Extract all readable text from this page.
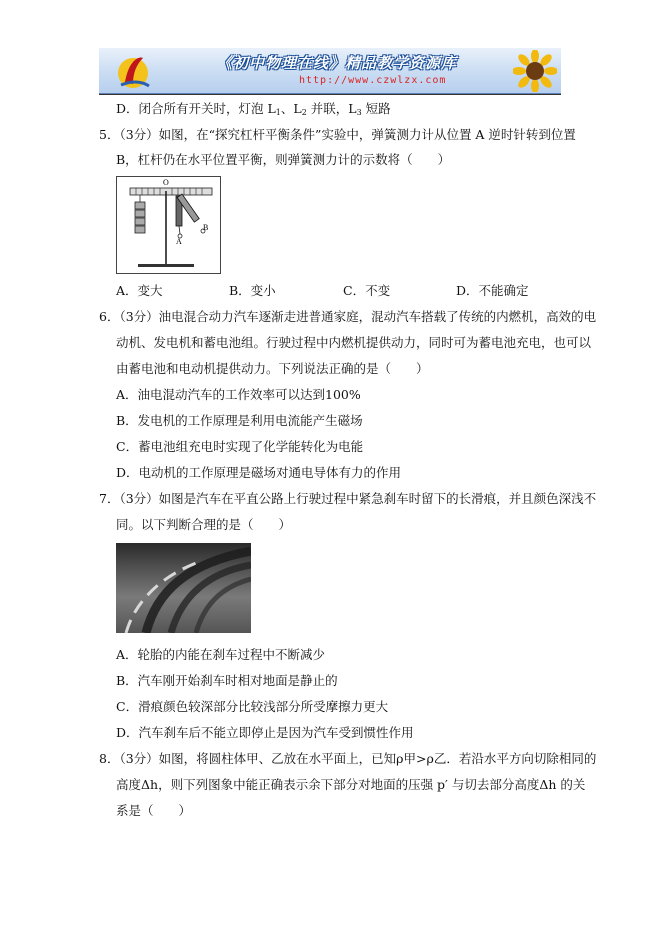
《初中物理在线》精品教学资源库
http://www.czwlzx.com
D．闭合所有开关时，灯泡 $L_1$、$L_2$ 并联，$L_3$ 短路
5．（3分）如图，在“探究杠杆平衡条件”实验中，弹簧测力计从位置 A 逆时针转到位置
B，杠杆仍在水平位置平衡，则弹簧测力计的示数将（　　）
O
A
B
A．变大	B．变小	C．不变	D．不能确定
6．（3分）油电混合动力汽车逐渐走进普通家庭，混动汽车搭载了传统的内燃机，高效的电
动机、发电机和蓄电池组。行驶过程中内燃机提供动力，同时可为蓄电池充电，也可以
由蓄电池和电动机提供动力。下列说法正确的是（　　）
A．油电混动汽车的工作效率可以达到100%
B．发电机的工作原理是利用电流能产生磁场
C．蓄电池组充电时实现了化学能转化为电能
D．电动机的工作原理是磁场对通电导体有力的作用
7．（3分）如图是汽车在平直公路上行驶过程中紧急刹车时留下的长滑痕，并且颜色深浅不
同。以下判断合理的是（　　）
A．轮胎的内能在刹车过程中不断减少
B．汽车刚开始刹车时相对地面是静止的
C．滑痕颜色较深部分比较浅部分所受摩擦力更大
D．汽车刹车后不能立即停止是因为汽车受到惯性作用
8．（3分）如图，将圆柱体甲、乙放在水平面上，已知ρ甲>ρ乙．若沿水平方向切除相同的
高度Δh，则下列图象中能正确表示余下部分对地面的压强 p′ 与切去部分高度Δh 的关
系是（　　）
